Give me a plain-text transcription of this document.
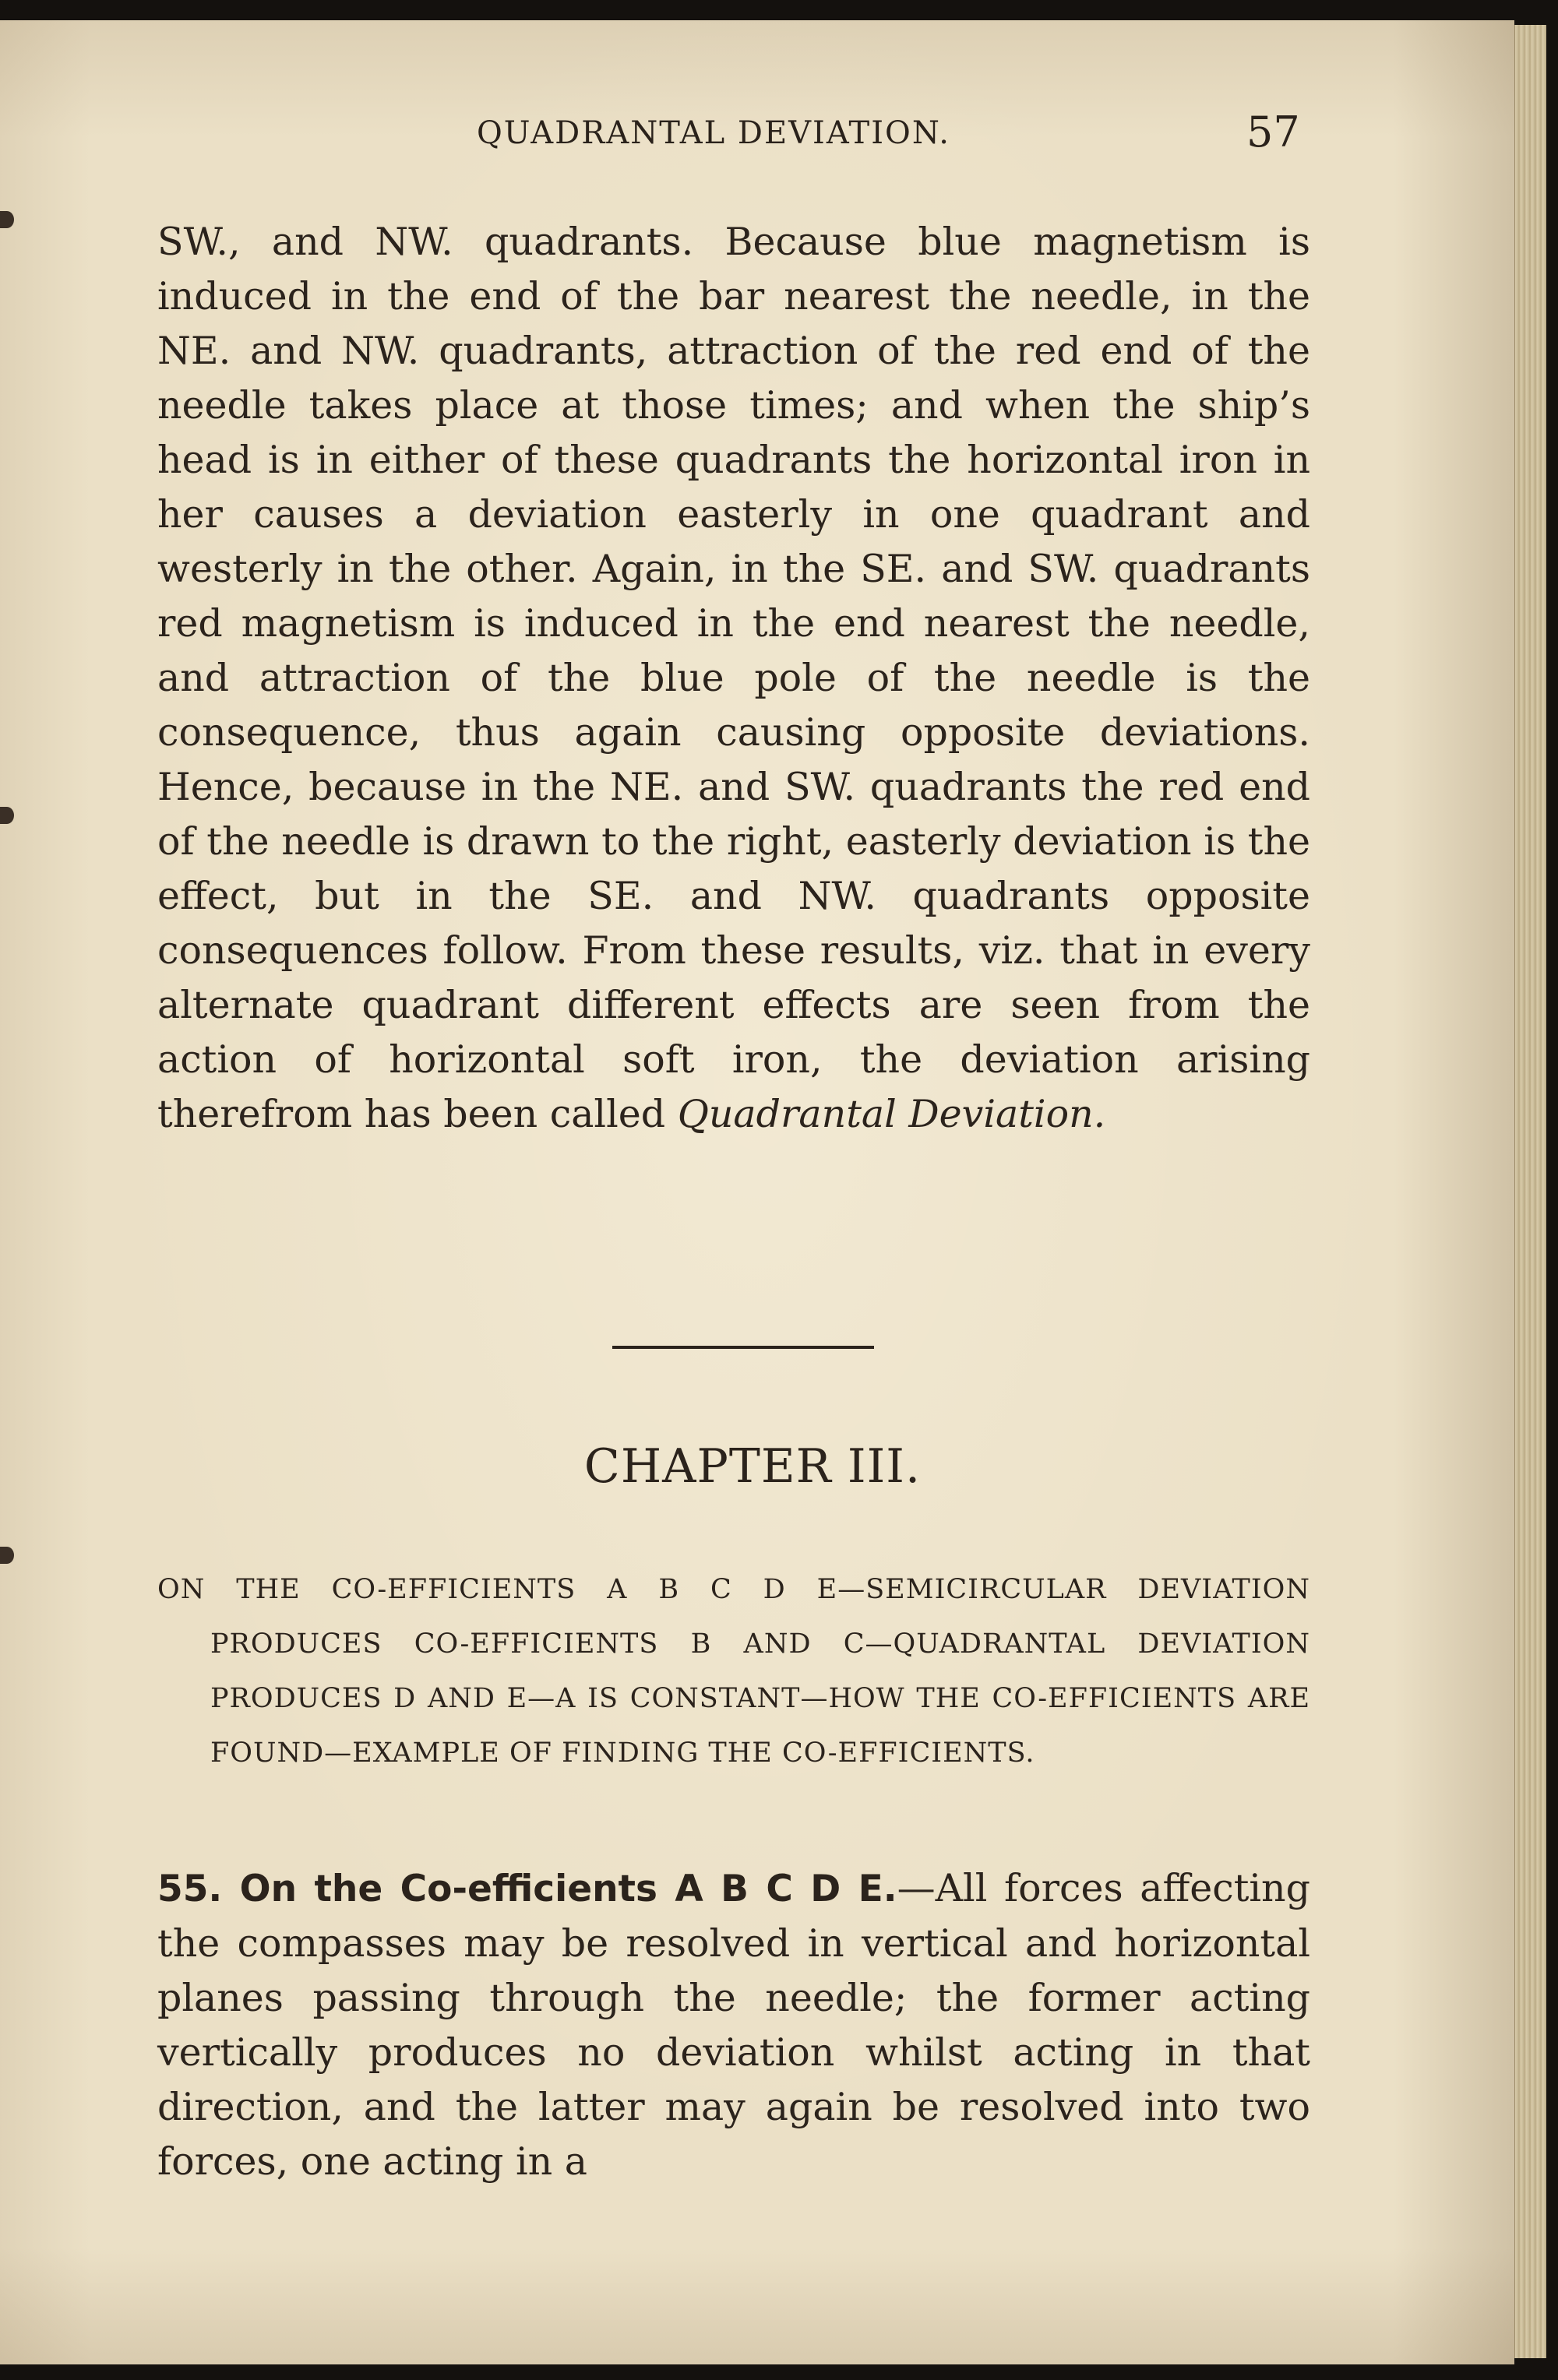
QUADRANTAL DEVIATION.	57

SW., and NW. quadrants. Because blue magnetism is induced in the end of the bar nearest the needle, in the NE. and NW. quadrants, attraction of the red end of the needle takes place at those times; and when the ship’s head is in either of these quadrants the horizontal iron in her causes a deviation easterly in one quadrant and westerly in the other. Again, in the SE. and SW. quadrants red magnetism is induced in the end nearest the needle, and attraction of the blue pole of the needle is the consequence, thus again causing opposite deviations. Hence, because in the NE. and SW. quadrants the red end of the needle is drawn to the right, easterly deviation is the effect, but in the SE. and NW. quadrants opposite consequences follow. From these results, viz. that in every alternate quadrant different effects are seen from the action of horizontal soft iron, the deviation arising therefrom has been called Quadrantal Deviation.

CHAPTER III.
ON THE CO-EFFICIENTS A B C D E—SEMICIRCULAR DEVIATION PRODUCES CO-EFFICIENTS B AND C—QUADRANTAL DEVIATION PRODUCES D AND E—A IS CONSTANT—HOW THE CO-EFFICIENTS ARE FOUND—EXAMPLE OF FINDING THE CO-EFFICIENTS.
55. On the Co-efficients A B C D E.—All forces affecting the compasses may be resolved in vertical and horizontal planes passing through the needle; the former acting vertically produces no deviation whilst acting in that direction, and the latter may again be resolved into two forces, one acting in a
